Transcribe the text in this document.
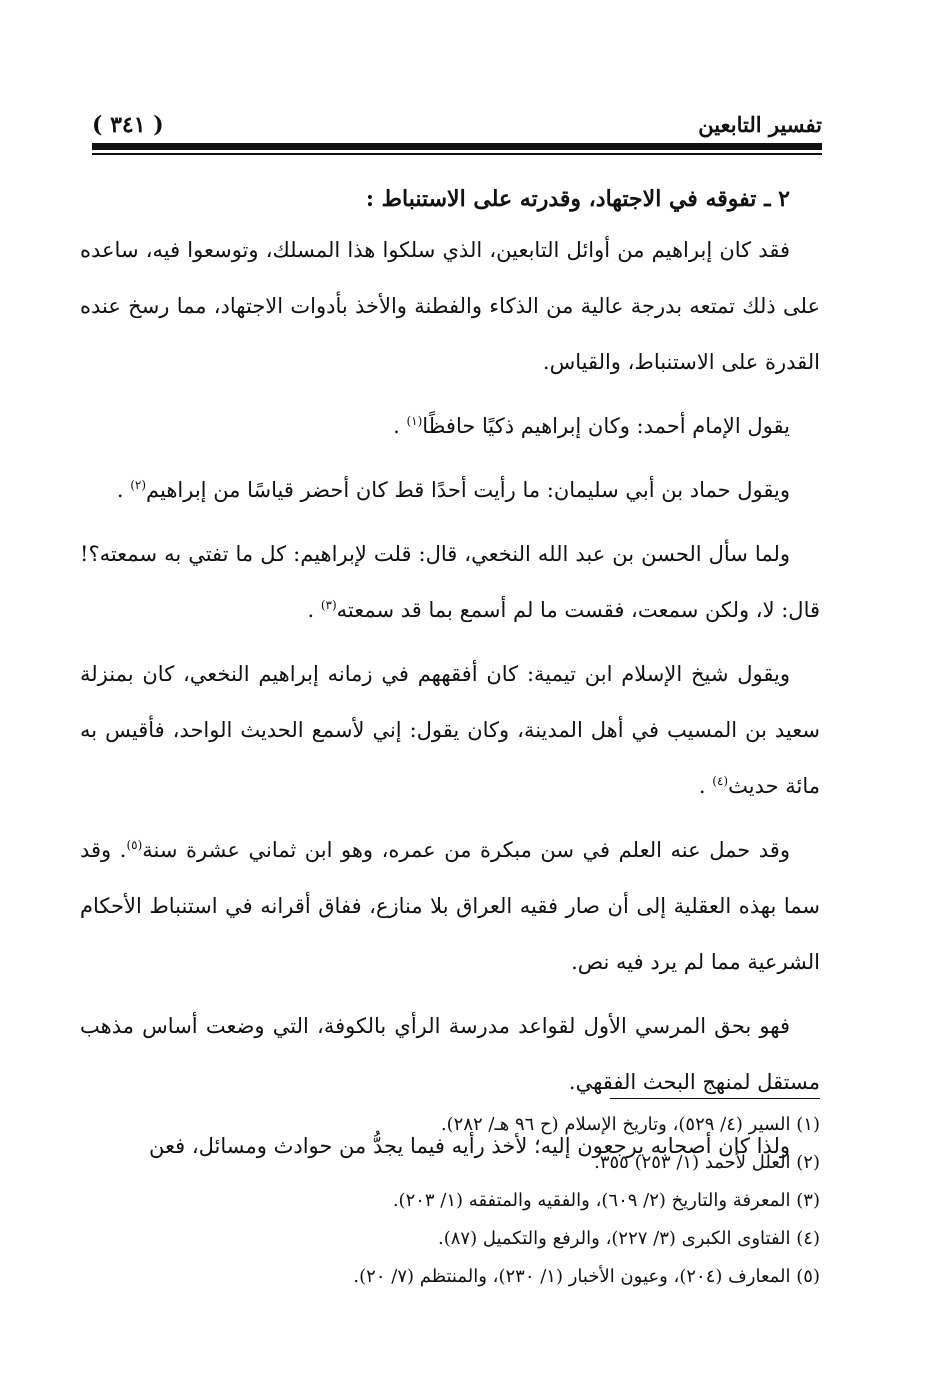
تفسير التابعين
( ٣٤١ )
٢ ـ تفوقه في الاجتهاد، وقدرته على الاستنباط :

فقد كان إبراهيم من أوائل التابعين، الذي سلكوا هذا المسلك، وتوسعوا فيه، ساعده على ذلك تمتعه بدرجة عالية من الذكاء والفطنة والأخذ بأدوات الاجتهاد، مما رسخ عنده القدرة على الاستنباط، والقياس.

يقول الإمام أحمد: وكان إبراهيم ذكيًا حافظًا$^{(١)}$ .

ويقول حماد بن أبي سليمان: ما رأيت أحدًا قط كان أحضر قياسًا من إبراهيم$^{(٢)}$ .

ولما سأل الحسن بن عبد الله النخعي، قال: قلت لإبراهيم: كل ما تفتي به سمعته؟! قال: لا، ولكن سمعت، فقست ما لم أسمع بما قد سمعته$^{(٣)}$ .

ويقول شيخ الإسلام ابن تيمية: كان أفقههم في زمانه إبراهيم النخعي، كان بمنزلة سعيد بن المسيب في أهل المدينة، وكان يقول: إني لأسمع الحديث الواحد، فأقيس به مائة حديث$^{(٤)}$ .

وقد حمل عنه العلم في سن مبكرة من عمره، وهو ابن ثماني عشرة سنة$^{(٥)}$. وقد سما بهذه العقلية إلى أن صار فقيه العراق بلا منازع، ففاق أقرانه في استنباط الأحكام الشرعية مما لم يرد فيه نص.

فهو بحق المرسي الأول لقواعد مدرسة الرأي بالكوفة، التي وضعت أساس مذهب مستقل لمنهج البحث الفقهي.

ولذا كان أصحابه يرجعون إليه؛ لأخذ رأيه فيما يجدُّ من حوادث ومسائل، فعن

(١) السير (٤/ ٥٢٩)، وتاريخ الإسلام (ح ٩٦ هـ/ ٢٨٢).
(٢) العلل لأحمد (١/ ٢٥٣) ٣٥٥.
(٣) المعرفة والتاريخ (٢/ ٦٠٩)، والفقيه والمتفقه (١/ ٢٠٣).
(٤) الفتاوى الكبرى (٣/ ٢٢٧)، والرفع والتكميل (٨٧).
(٥) المعارف (٢٠٤)، وعيون الأخبار (١/ ٢٣٠)، والمنتظم (٧/ ٢٠).
